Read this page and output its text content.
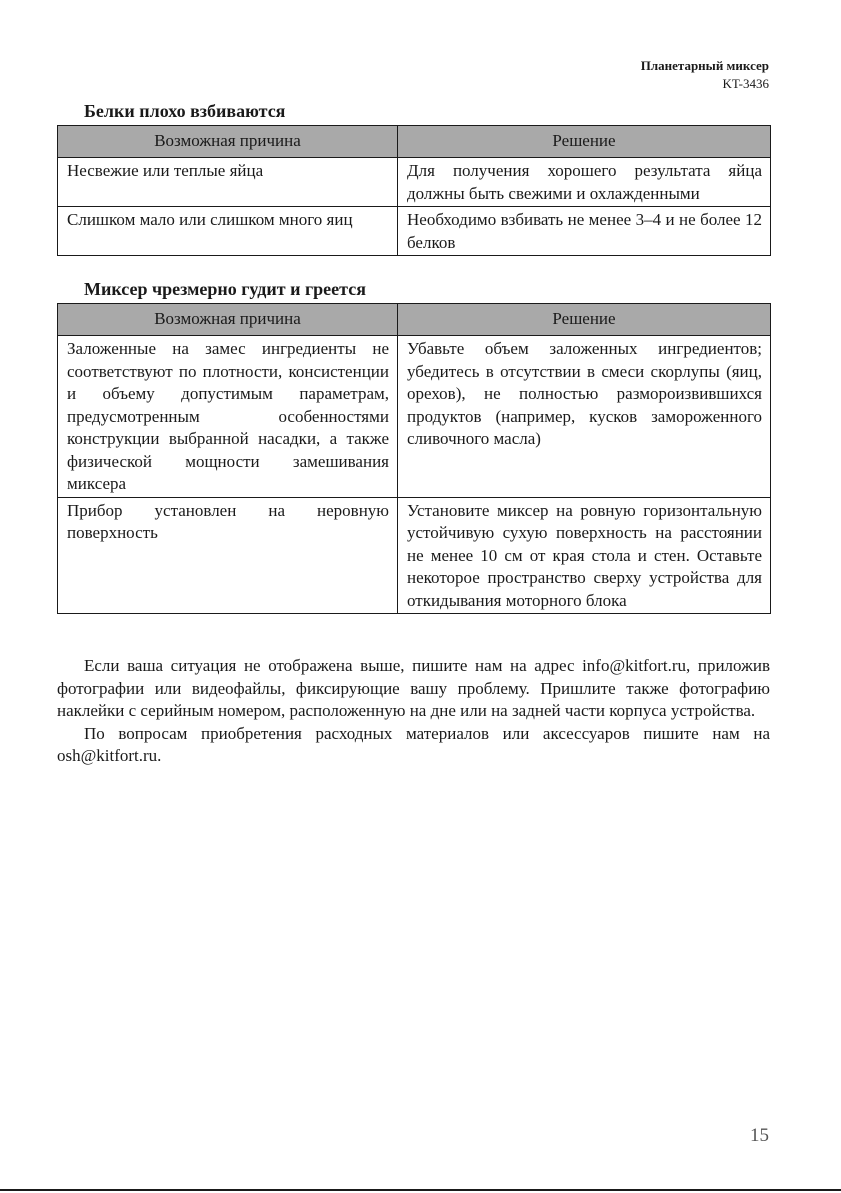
Планетарный миксер
KT-3436
Белки плохо взбиваются
Возможная причина	Решение
Несвежие или теплые яйца	Для получения хорошего результата яйца должны быть свежими и охлажденными
Слишком мало или слишком много яиц	Необходимо взбивать не менее 3–4 и не более 12 белков
Миксер чрезмерно гудит и греется
Возможная причина	Решение
Заложенные на замес ингредиенты не соответствуют по плотности, консистенции и объему допустимым параметрам, предусмотренным особенностями конструкции выбранной насадки, а также физической мощности замешивания миксера	Убавьте объем заложенных ингредиентов; убедитесь в отсутствии в смеси скорлупы (яиц, орехов), не полностью размороизвившихся продуктов (например, кусков замороженного сливочного масла)
Прибор установлен на неровную поверхность	Установите миксер на ровную горизонтальную устойчивую сухую поверхность на расстоянии не менее 10 см от края стола и стен. Оставьте некоторое пространство сверху устройства для откидывания моторного блока

Если ваша ситуация не отображена выше, пишите нам на адрес info@kitfort.ru, приложив фотографии или видеофайлы, фиксирующие вашу проблему. Пришлите также фотографию наклейки с серийным номером, расположенную на дне или на задней части корпуса устройства.

По вопросам приобретения расходных материалов или аксессуаров пишите нам на osh@kitfort.ru.

15
